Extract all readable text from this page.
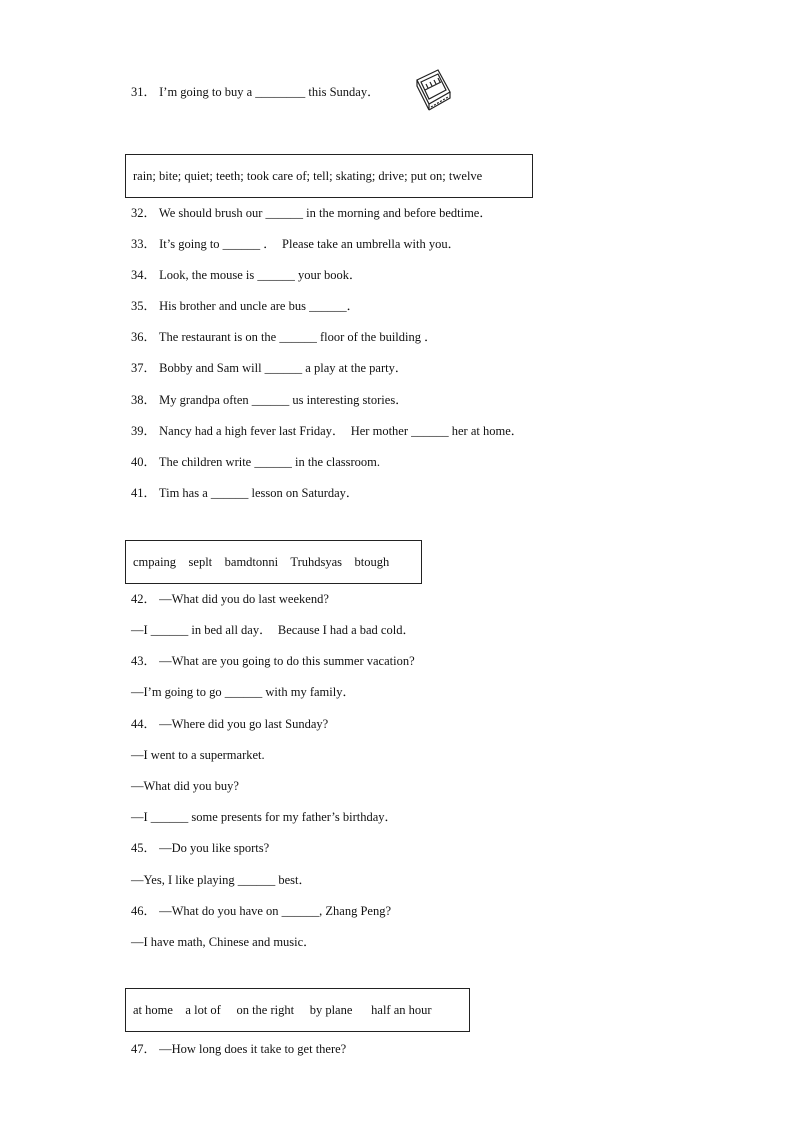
31． I’m going to buy a ________ this Sunday．
rain; bite; quiet; teeth; took care of; tell; skating; drive; put on; twelve
32． We should brush our ______ in the morning and before bedtime．
33． It’s going to ______ ．  Please take an umbrella with you．
34． Look, the mouse is ______ your book．
35． His brother and uncle are bus ______．
36． The restaurant is on the ______ floor of the building ．
37． Bobby and Sam will ______ a play at the party．
38． My grandpa often ______ us interesting stories．
39． Nancy had a high fever last Friday．  Her mother ______ her at home．
40． The children write ______ in the classroom.
41． Tim has a ______ lesson on Saturday．
cmpaing    seplt    bamdtonni    Truhdsyas    btough
42． —What did you do last weekend?
—I ______ in bed all day．  Because I had a bad cold．
43． —What are you going to do this summer vacation?
—I’m going to go ______ with my family．
44． —Where did you go last Sunday?
—I went to a supermarket.
—What did you buy?
—I ______ some presents for my father’s birthday．
45． —Do you like sports?
—Yes, I like playing ______ best．
46． —What do you have on ______, Zhang Peng?
—I have math, Chinese and music．
at home    a lot of     on the right     by plane      half an hour
47． —How long does it take to get there?
